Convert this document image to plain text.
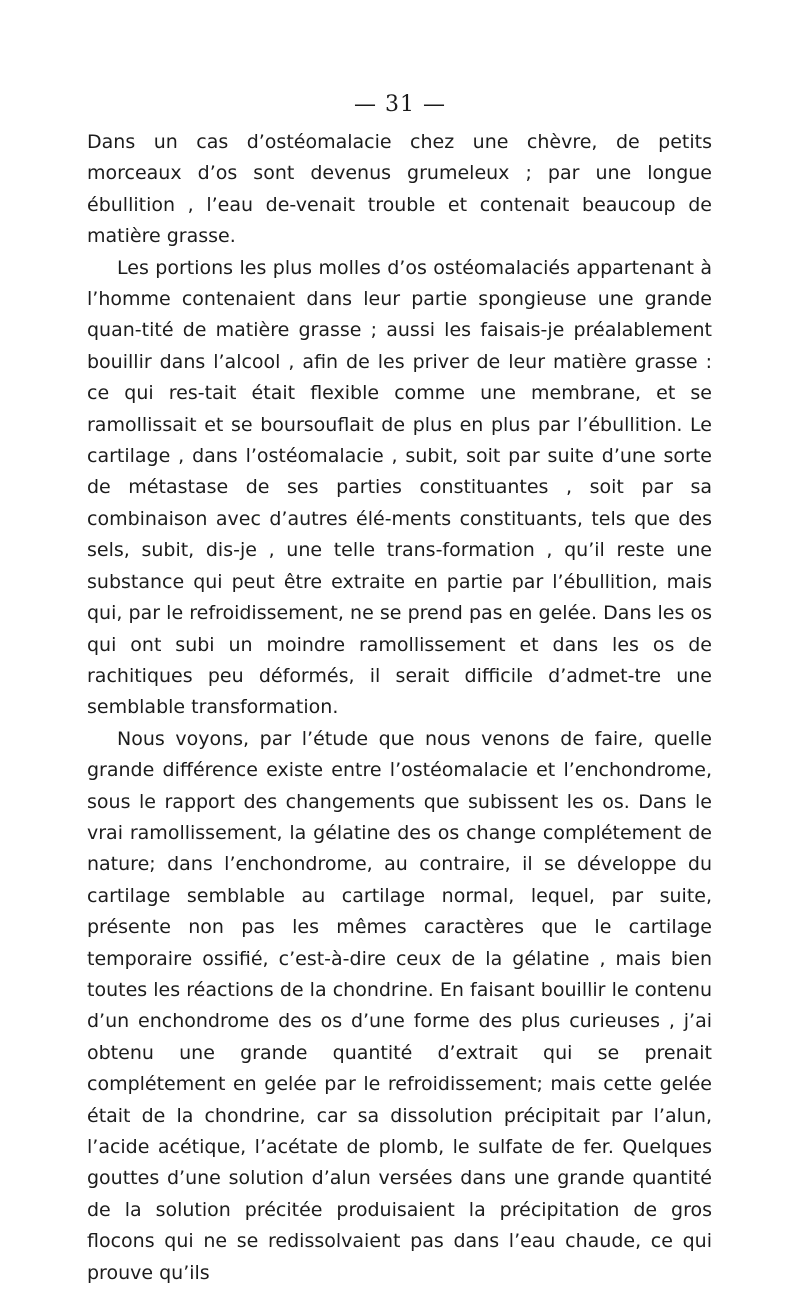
— 31 —

Dans un cas d’ostéomalacie chez une chèvre, de petits morceaux d’os sont devenus grumeleux ; par une longue ébullition , l’eau de-venait trouble et contenait beaucoup de matière grasse.

Les portions les plus molles d’os ostéomalaciés appartenant à l’homme contenaient dans leur partie spongieuse une grande quan-tité de matière grasse ; aussi les faisais-je préalablement bouillir dans l’alcool , afin de les priver de leur matière grasse : ce qui res-tait était flexible comme une membrane, et se ramollissait et se boursouflait de plus en plus par l’ébullition. Le cartilage , dans l’ostéomalacie , subit, soit par suite d’une sorte de métastase de ses parties constituantes , soit par sa combinaison avec d’autres élé-ments constituants, tels que des sels, subit, dis-je , une telle trans-formation , qu’il reste une substance qui peut être extraite en partie par l’ébullition, mais qui, par le refroidissement, ne se prend pas en gelée. Dans les os qui ont subi un moindre ramollissement et dans les os de rachitiques peu déformés, il serait difficile d’admet-tre une semblable transformation.

Nous voyons, par l’étude que nous venons de faire, quelle grande différence existe entre l’ostéomalacie et l’enchondrome, sous le rapport des changements que subissent les os. Dans le vrai ramollissement, la gélatine des os change complétement de nature; dans l’enchondrome, au contraire, il se développe du cartilage semblable au cartilage normal, lequel, par suite, présente non pas les mêmes caractères que le cartilage temporaire ossifié, c’est-à-dire ceux de la gélatine , mais bien toutes les réactions de la chondrine. En faisant bouillir le contenu d’un enchondrome des os d’une forme des plus curieuses , j’ai obtenu une grande quantité d’extrait qui se prenait complétement en gelée par le refroidissement; mais cette gelée était de la chondrine, car sa dissolution précipitait par l’alun, l’acide acétique, l’acétate de plomb, le sulfate de fer. Quelques gouttes d’une solution d’alun versées dans une grande quantité de la solution précitée produisaient la précipitation de gros flocons qui ne se redissolvaient pas dans l’eau chaude, ce qui prouve qu’ils
